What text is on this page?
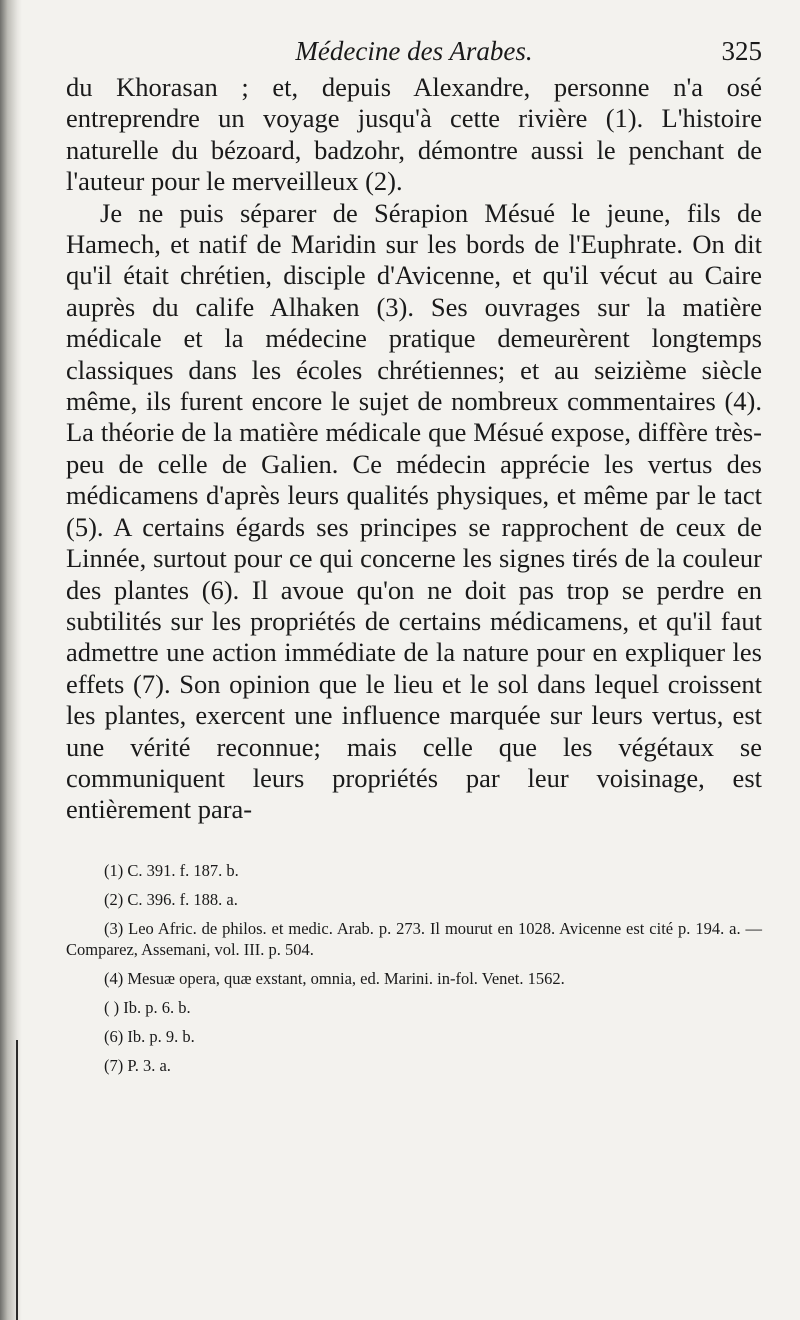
Médecine des Arabes.	325

du Khorasan ; et, depuis Alexandre, personne n'a osé entreprendre un voyage jusqu'à cette rivière (1). L'histoire naturelle du bézoard, badzohr, démontre aussi le penchant de l'auteur pour le merveilleux (2).

Je ne puis séparer de Sérapion Mésué le jeune, fils de Hamech, et natif de Maridin sur les bords de l'Euphrate. On dit qu'il était chrétien, disciple d'Avicenne, et qu'il vécut au Caire auprès du calife Alhaken (3). Ses ouvrages sur la matière médicale et la médecine pratique demeurèrent longtemps classiques dans les écoles chrétiennes; et au seizième siècle même, ils furent encore le sujet de nombreux commentaires (4). La théorie de la matière médicale que Mésué expose, diffère très-peu de celle de Galien. Ce médecin apprécie les vertus des médicamens d'après leurs qualités physiques, et même par le tact (5). A certains égards ses principes se rapprochent de ceux de Linnée, surtout pour ce qui concerne les signes tirés de la couleur des plantes (6). Il avoue qu'on ne doit pas trop se perdre en subtilités sur les propriétés de certains médicamens, et qu'il faut admettre une action immédiate de la nature pour en expliquer les effets (7). Son opinion que le lieu et le sol dans lequel croissent les plantes, exercent une influence marquée sur leurs vertus, est une vérité reconnue; mais celle que les végétaux se communiquent leurs propriétés par leur voisinage, est entièrement para-

(1) C. 391. f. 187. b.

(2) C. 396. f. 188. a.

(3) Leo Afric. de philos. et medic. Arab. p. 273. Il mourut en 1028. Avicenne est cité p. 194. a. — Comparez, Assemani, vol. III. p. 504.

(4) Mesuæ opera, quæ exstant, omnia, ed. Marini. in-fol. Venet. 1562.

( ) Ib. p. 6. b.

(6) Ib. p. 9. b.

(7) P. 3. a.
